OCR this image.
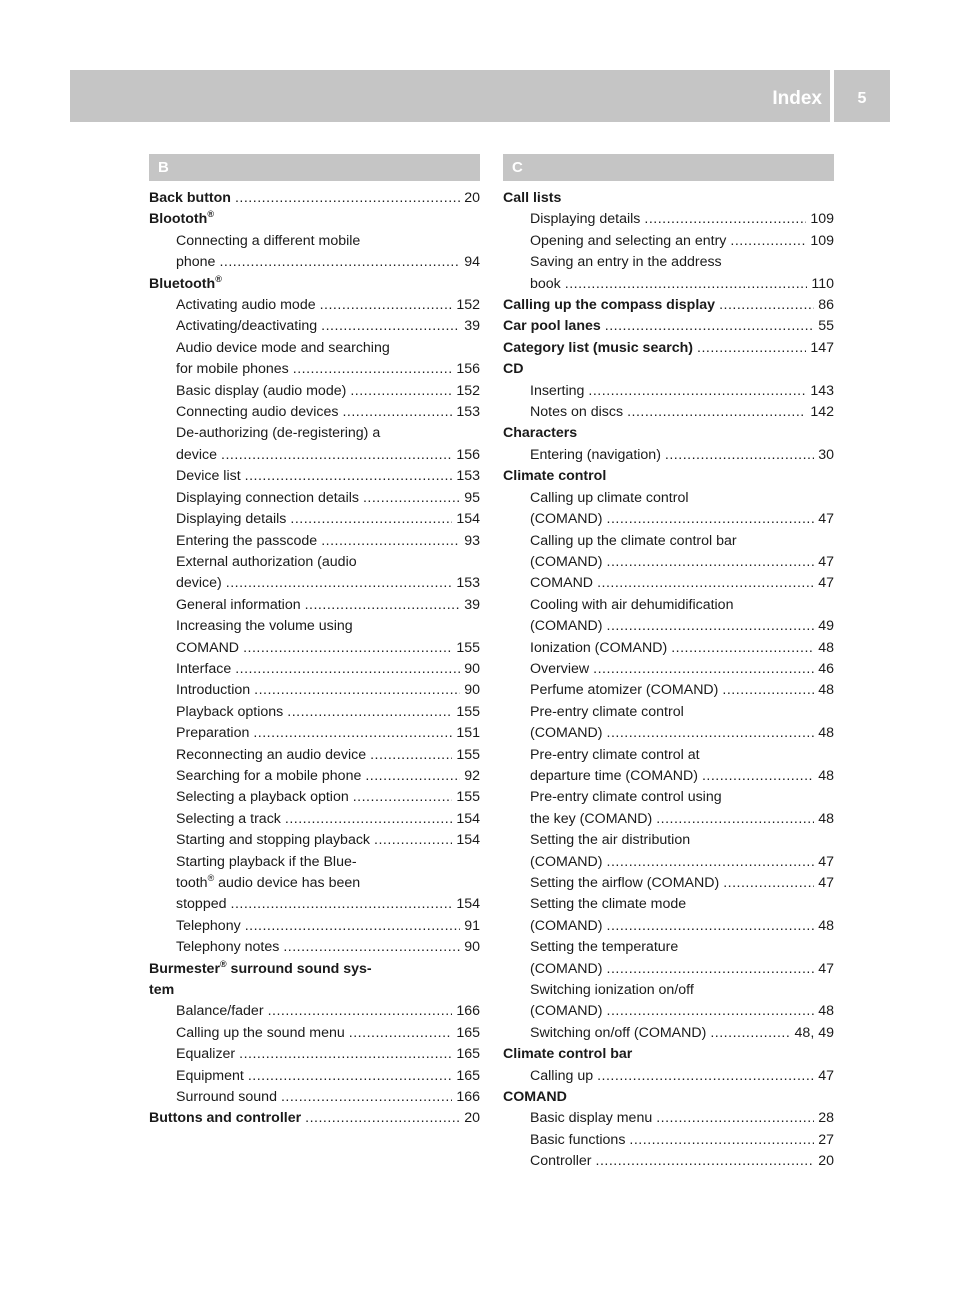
Index	5
B
Back button .....	20
Bloototh®
Connecting a different mobile
phone .....	94
Bluetooth®
Activating audio mode .....	152
Activating/deactivating .....	39
Audio device mode and searching
for mobile phones .....	156
Basic display (audio mode) .....	152
Connecting audio devices .....	153
De-authorizing (de-registering) a
device .....	156
Device list .....	153
Displaying connection details .....	95
Displaying details .....	154
Entering the passcode .....	93
External authorization (audio
device) .....	153
General information .....	39
Increasing the volume using
COMAND .....	155
Interface .....	90
Introduction .....	90
Playback options .....	155
Preparation .....	151
Reconnecting an audio device .....	155
Searching for a mobile phone .....	92
Selecting a playback option .....	155
Selecting a track .....	154
Starting and stopping playback .....	154
Starting playback if the Blue-
tooth® audio device has been
stopped .....	154
Telephony .....	91
Telephony notes .....	90
Burmester® surround sound sys-
tem
Balance/fader .....	166
Calling up the sound menu .....	165
Equalizer .....	165
Equipment .....	165
Surround sound .....	166
Buttons and controller .....	20
C
Call lists
Displaying details .....	109
Opening and selecting an entry .....	109
Saving an entry in the address
book .....	110
Calling up the compass display .....	86
Car pool lanes .....	55
Category list (music search) .....	147
CD
Inserting .....	143
Notes on discs .....	142
Characters
Entering (navigation) .....	30
Climate control
Calling up climate control
(COMAND) .....	47
Calling up the climate control bar
(COMAND) .....	47
COMAND .....	47
Cooling with air dehumidification
(COMAND) .....	49
Ionization (COMAND) .....	48
Overview .....	46
Perfume atomizer (COMAND) .....	48
Pre-entry climate control
(COMAND) .....	48
Pre-entry climate control at
departure time (COMAND) .....	48
Pre-entry climate control using
the key (COMAND) .....	48
Setting the air distribution
(COMAND) .....	47
Setting the airflow (COMAND) .....	47
Setting the climate mode
(COMAND) .....	48
Setting the temperature
(COMAND) .....	47
Switching ionization on/off
(COMAND) .....	48
Switching on/off (COMAND) .....	48, 49
Climate control bar
Calling up .....	47
COMAND
Basic display menu .....	28
Basic functions .....	27
Controller .....	20
